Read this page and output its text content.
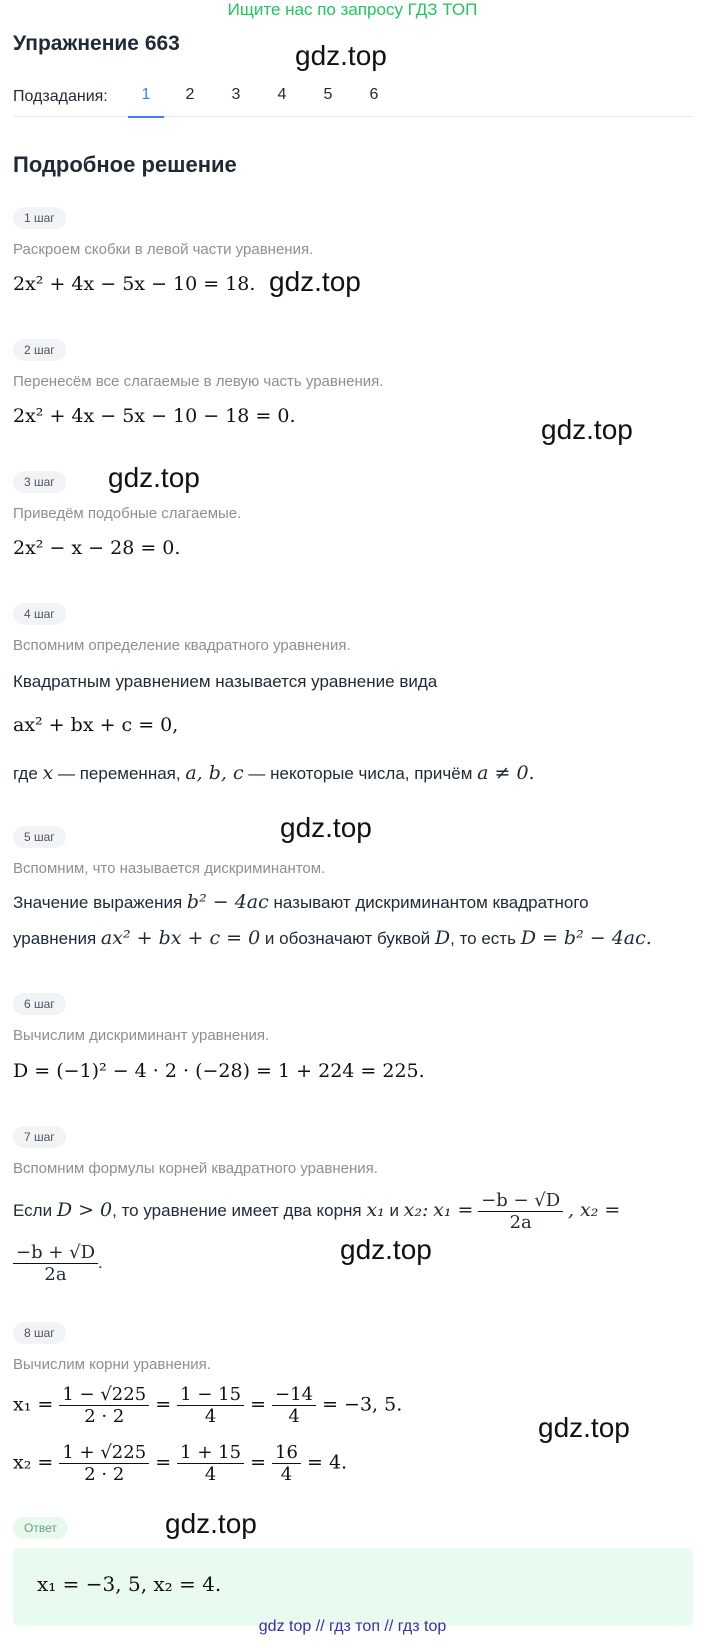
Ищите нас по запросу ГДЗ ТОП
Упражнение 663	gdz.top
Подзадания:	1	2	3	4	5	6
Подробное решение
1 шаг
Раскроем скобки в левой части уравнения.
2x² + 4x − 5x − 10 = 18. gdz.top
2 шаг
Перенесём все слагаемые в левую часть уравнения.
2x² + 4x − 5x − 10 − 18 = 0.	gdz.top
3 шаг	gdz.top
Приведём подобные слагаемые.
2x² − x − 28 = 0.
4 шаг
Вспомним определение квадратного уравнения.
Квадратным уравнением называется уравнение вида
ax² + bx + c = 0,
где x — переменная, a, b, c — некоторые числа, причём a ≠ 0.
gdz.top
5 шаг
Вспомним, что называется дискриминантом.
Значение выражения b² − 4ac называют дискриминантом квадратного
уравнения ax² + bx + c = 0 и обозначают буквой D, то есть D = b² − 4ac.
6 шаг
Вычислим дискриминант уравнения.
D = (−1)² − 4 · 2 · (−28) = 1 + 224 = 225.
7 шаг
Вспомним формулы корней квадратного уравнения.
Если D > 0, то уравнение имеет два корня x₁ и x₂: $x_1 = \frac{-b - √D}{2a}$ , x₂ =
$\frac{-b + √D}{2a}$ .	gdz.top
8 шаг
Вычислим корни уравнения.
$x_1 = \frac{1 - √225}{2 \cdot 2} = \frac{1 - 15}{4} = \frac{-14}{4} = -3$, 5.
gdz.top
$x_2 = \frac{1 + √225}{2 \cdot 2} = \frac{1 + 15}{4} = \frac{16}{4} = 4$.
Ответ	gdz.top
x₁ = −3, 5, x₂ = 4.
gdz top // гдз топ // гдз top
